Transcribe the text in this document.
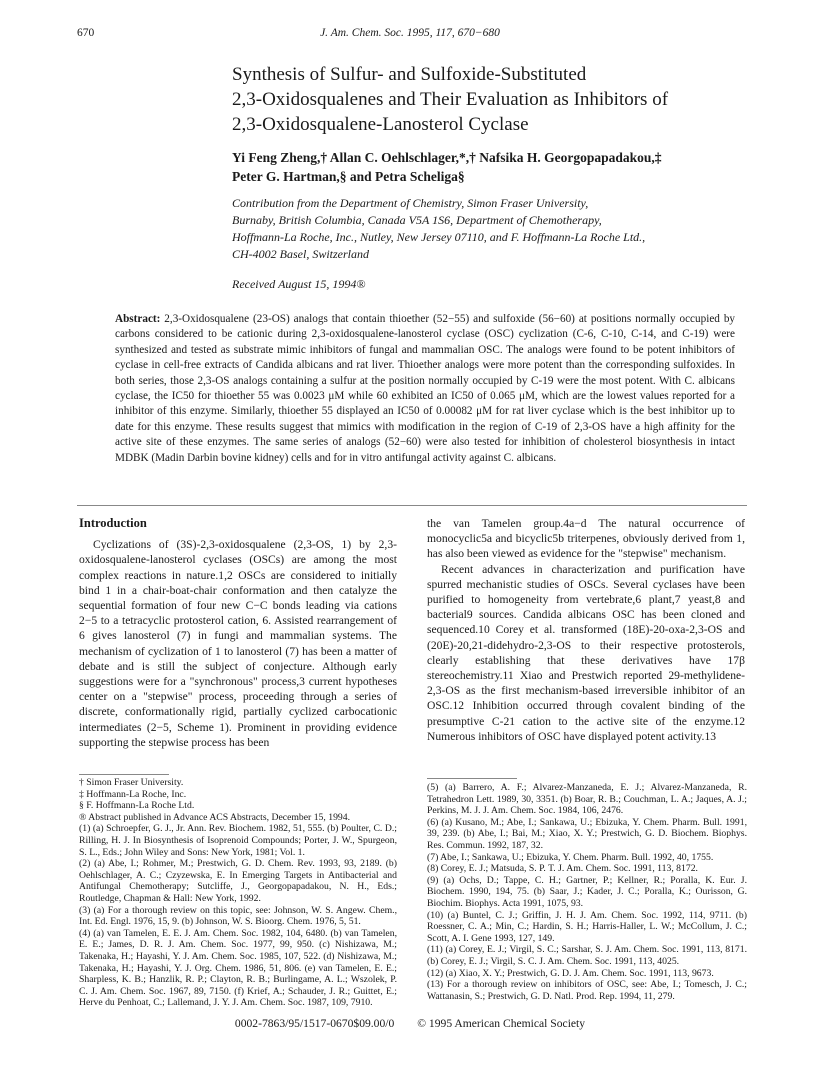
670	J. Am. Chem. Soc. 1995, 117, 670−680
Synthesis of Sulfur- and Sulfoxide-Substituted
2,3-Oxidosqualenes and Their Evaluation as Inhibitors of
2,3-Oxidosqualene-Lanosterol Cyclase
Yi Feng Zheng,† Allan C. Oehlschlager,*,† Nafsika H. Georgopapadakou,‡
Peter G. Hartman,§ and Petra Scheliga§
Contribution from the Department of Chemistry, Simon Fraser University,
Burnaby, British Columbia, Canada V5A 1S6, Department of Chemotherapy,
Hoffmann-La Roche, Inc., Nutley, New Jersey 07110, and F. Hoffmann-La Roche Ltd.,
CH-4002 Basel, Switzerland
Received August 15, 1994®
Abstract: 2,3-Oxidosqualene (23-OS) analogs that contain thioether (52−55) and sulfoxide (56−60) at positions normally occupied by carbons considered to be cationic during 2,3-oxidosqualene-lanosterol cyclase (OSC) cyclization (C-6, C-10, C-14, and C-19) were synthesized and tested as substrate mimic inhibitors of fungal and mammalian OSC. The analogs were found to be potent inhibitors of cyclase in cell-free extracts of Candida albicans and rat liver. Thioether analogs were more potent than the corresponding sulfoxides. In both series, those 2,3-OS analogs containing a sulfur at the position normally occupied by C-19 were the most potent. With C. albicans cyclase, the IC50 for thioether 55 was 0.0023 μM while 60 exhibited an IC50 of 0.065 μM, which are the lowest values reported for a inhibitor of this enzyme. Similarly, thioether 55 displayed an IC50 of 0.00082 μM for rat liver cyclase which is the best inhibitor up to date for this enzyme. These results suggest that mimics with modification in the region of C-19 of 2,3-OS have a high affinity for the active site of these enzymes. The same series of analogs (52−60) were also tested for inhibition of cholesterol biosynthesis in intact MDBK (Madin Darbin bovine kidney) cells and for in vitro antifungal activity against C. albicans.
Introduction

Cyclizations of (3S)-2,3-oxidosqualene (2,3-OS, 1) by 2,3-oxidosqualene-lanosterol cyclases (OSCs) are among the most complex reactions in nature.1,2 OSCs are considered to initially bind 1 in a chair-boat-chair conformation and then catalyze the sequential formation of four new C−C bonds leading via cations 2−5 to a tetracyclic protosterol cation, 6. Assisted rearrangement of 6 gives lanosterol (7) in fungi and mammalian systems. The mechanism of cyclization of 1 to lanosterol (7) has been a matter of debate and is still the subject of conjecture. Although early suggestions were for a "synchronous" process,3 current hypotheses center on a "stepwise" process, proceeding through a series of discrete, conformationally rigid, partially cyclized carbocationic intermediates (2−5, Scheme 1). Prominent in providing evidence supporting the stepwise process has been

the van Tamelen group.4a−d The natural occurrence of monocyclic5a and bicyclic5b triterpenes, obviously derived from 1, has also been viewed as evidence for the "stepwise" mechanism.

Recent advances in characterization and purification have spurred mechanistic studies of OSCs. Several cyclases have been purified to homogeneity from vertebrate,6 plant,7 yeast,8 and bacterial9 sources. Candida albicans OSC has been cloned and sequenced.10 Corey et al. transformed (18E)-20-oxa-2,3-OS and (20E)-20,21-didehydro-2,3-OS to their respective protosterols, clearly establishing that these derivatives have 17β stereochemistry.11 Xiao and Prestwich reported 29-methylidene-2,3-OS as the first mechanism-based irreversible inhibitor of an OSC.12 Inhibition occurred through covalent binding of the presumptive C-21 cation to the active site of the enzyme.12 Numerous inhibitors of OSC have displayed potent activity.13

† Simon Fraser University.

‡ Hoffmann-La Roche, Inc.

§ F. Hoffmann-La Roche Ltd.

® Abstract published in Advance ACS Abstracts, December 15, 1994.

(1) (a) Schroepfer, G. J., Jr. Ann. Rev. Biochem. 1982, 51, 555. (b) Poulter, C. D.; Rilling, H. J. In Biosynthesis of Isoprenoid Compounds; Porter, J. W., Spurgeon, S. L., Eds.; John Wiley and Sons: New York, 1981; Vol. 1.

(2) (a) Abe, I.; Rohmer, M.; Prestwich, G. D. Chem. Rev. 1993, 93, 2189. (b) Oehlschlager, A. C.; Czyzewska, E. In Emerging Targets in Antibacterial and Antifungal Chemotherapy; Sutcliffe, J., Georgopapadakou, N. H., Eds.; Routledge, Chapman & Hall: New York, 1992.

(3) (a) For a thorough review on this topic, see: Johnson, W. S. Angew. Chem., Int. Ed. Engl. 1976, 15, 9. (b) Johnson, W. S. Bioorg. Chem. 1976, 5, 51.

(4) (a) van Tamelen, E. E. J. Am. Chem. Soc. 1982, 104, 6480. (b) van Tamelen, E. E.; James, D. R. J. Am. Chem. Soc. 1977, 99, 950. (c) Nishizawa, M.; Takenaka, H.; Hayashi, Y. J. Am. Chem. Soc. 1985, 107, 522. (d) Nishizawa, M.; Takenaka, H.; Hayashi, Y. J. Org. Chem. 1986, 51, 806. (e) van Tamelen, E. E.; Sharpless, K. B.; Hanzlik, R. P.; Clayton, R. B.; Burlingame, A. L.; Wszolek, P. C. J. Am. Chem. Soc. 1967, 89, 7150. (f) Krief, A.; Schauder, J. R.; Guittet, E.; Herve du Penhoat, C.; Lallemand, J. Y. J. Am. Chem. Soc. 1987, 109, 7910.

(5) (a) Barrero, A. F.; Alvarez-Manzaneda, E. J.; Alvarez-Manzaneda, R. Tetrahedron Lett. 1989, 30, 3351. (b) Boar, R. B.; Couchman, L. A.; Jaques, A. J.; Perkins, M. J. J. Am. Chem. Soc. 1984, 106, 2476.

(6) (a) Kusano, M.; Abe, I.; Sankawa, U.; Ebizuka, Y. Chem. Pharm. Bull. 1991, 39, 239. (b) Abe, I.; Bai, M.; Xiao, X. Y.; Prestwich, G. D. Biochem. Biophys. Res. Commun. 1992, 187, 32.

(7) Abe, I.; Sankawa, U.; Ebizuka, Y. Chem. Pharm. Bull. 1992, 40, 1755.

(8) Corey, E. J.; Matsuda, S. P. T. J. Am. Chem. Soc. 1991, 113, 8172.

(9) (a) Ochs, D.; Tappe, C. H.; Gartner, P.; Kellner, R.; Poralla, K. Eur. J. Biochem. 1990, 194, 75. (b) Saar, J.; Kader, J. C.; Poralla, K.; Ourisson, G. Biochim. Biophys. Acta 1991, 1075, 93.

(10) (a) Buntel, C. J.; Griffin, J. H. J. Am. Chem. Soc. 1992, 114, 9711. (b) Roessner, C. A.; Min, C.; Hardin, S. H.; Harris-Haller, L. W.; McCollum, J. C.; Scott, A. I. Gene 1993, 127, 149.

(11) (a) Corey, E. J.; Virgil, S. C.; Sarshar, S. J. Am. Chem. Soc. 1991, 113, 8171. (b) Corey, E. J.; Virgil, S. C. J. Am. Chem. Soc. 1991, 113, 4025.

(12) (a) Xiao, X. Y.; Prestwich, G. D. J. Am. Chem. Soc. 1991, 113, 9673.

(13) For a thorough review on inhibitors of OSC, see: Abe, I.; Tomesch, J. C.; Wattanasin, S.; Prestwich, G. D. Natl. Prod. Rep. 1994, 11, 279.

0002-7863/95/1517-0670$09.00/0 © 1995 American Chemical Society
